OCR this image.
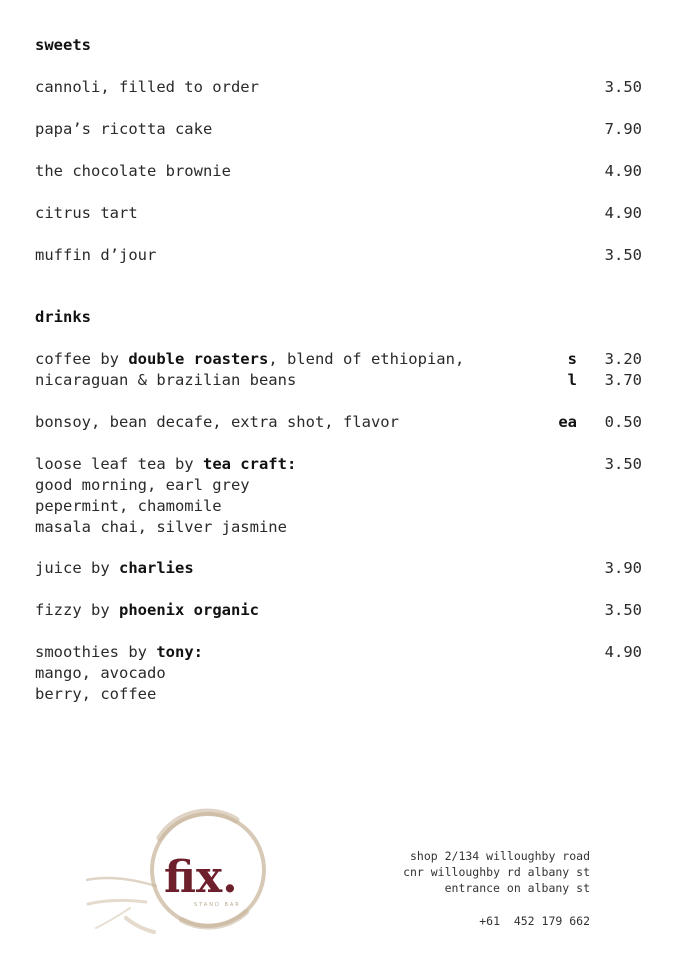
sweets
cannoli, filled to order	3.50
papa’s ricotta cake	7.90
the chocolate brownie	4.90
citrus tart	4.90
muffin d’jour	3.50
drinks
coffee by double roasters, blend of ethiopian,	s 3.20
nicaraguan & brazilian beans	l 3.70
bonsoy, bean decafe, extra shot, flavor	ea 0.50
loose leaf tea by tea craft:	3.50
good morning, earl grey
pepermint, chamomile
masala chai, silver jasmine
juice by charlies	3.90
fizzy by phoenix organic	3.50
smoothies by tony:	4.90
mango, avocado
berry, coffee
fix.
STAND BAR
shop 2/134 willoughby road
cnr willoughby rd albany st
entrance on albany st
+61  452 179 662
